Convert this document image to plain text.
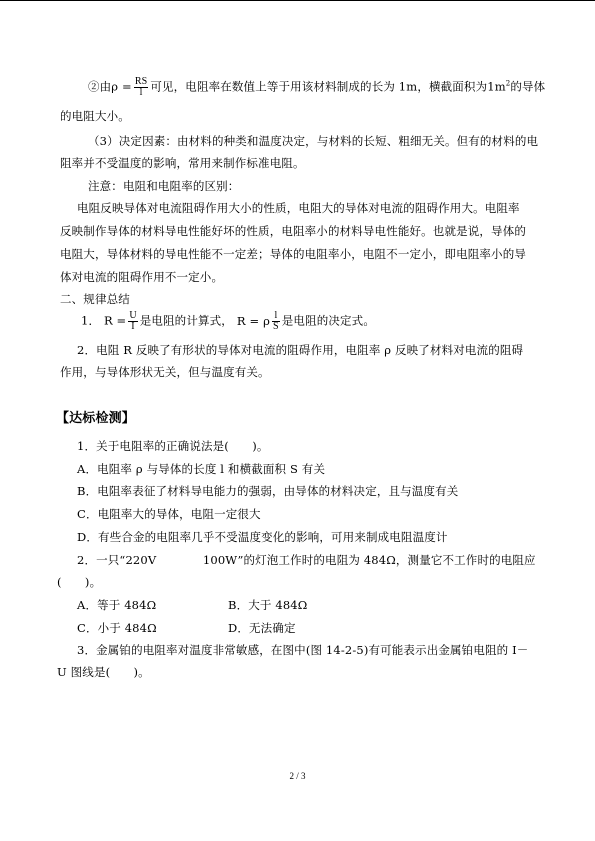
②由$\rho = \frac{RS}{l}$ 可见，电阻率在数值上等于用该材料制成的长为 1m，横截面积为$1m^2$的导体
的电阻大小。
（3）决定因素：由材料的种类和温度决定，与材料的长短、粗细无关。但有的材料的电
阻率并不受温度的影响，常用来制作标准电阻。
注意：电阻和电阻率的区别：
电阻反映导体对电流阻碍作用大小的性质，电阻大的导体对电流的阻碍作用大。电阻率
反映制作导体的材料导电性能好坏的性质，电阻率小的材料导电性能好。也就是说，导体的
电阻大，导体材料的导电性能不一定差；导体的电阻率小，电阻不一定小，即电阻率小的导
体对电流的阻碍作用不一定小。
二、规律总结
1． $R = \frac{U}{I}$ 是电阻的计算式， R = ρ $\frac{l}{S}$ 是电阻的决定式。
2．电阻 R 反映了有形状的导体对电流的阻碍作用，电阻率 ρ 反映了材料对电流的阻碍
作用，与导体形状无关，但与温度有关。
【达标检测】
1．关于电阻率的正确说法是(　　)。
A．电阻率 ρ 与导体的长度 l 和横截面积 S 有关
B．电阻率表征了材料导电能力的强弱，由导体的材料决定，且与温度有关
C．电阻率大的导体，电阻一定很大
D．有些合金的电阻率几乎不受温度变化的影响，可用来制成电阻温度计
2．一只“220V　　　　100W”的灯泡工作时的电阻为 484Ω，测量它不工作时的电阻应
(　　)。
A．等于 484Ω	B．大于 484Ω
C．小于 484Ω	D．无法确定
3．金属铂的电阻率对温度非常敏感，在图中(图 14-2-5)有可能表示出金属铂电阻的 I－
U 图线是(　　)。
2 / 3
